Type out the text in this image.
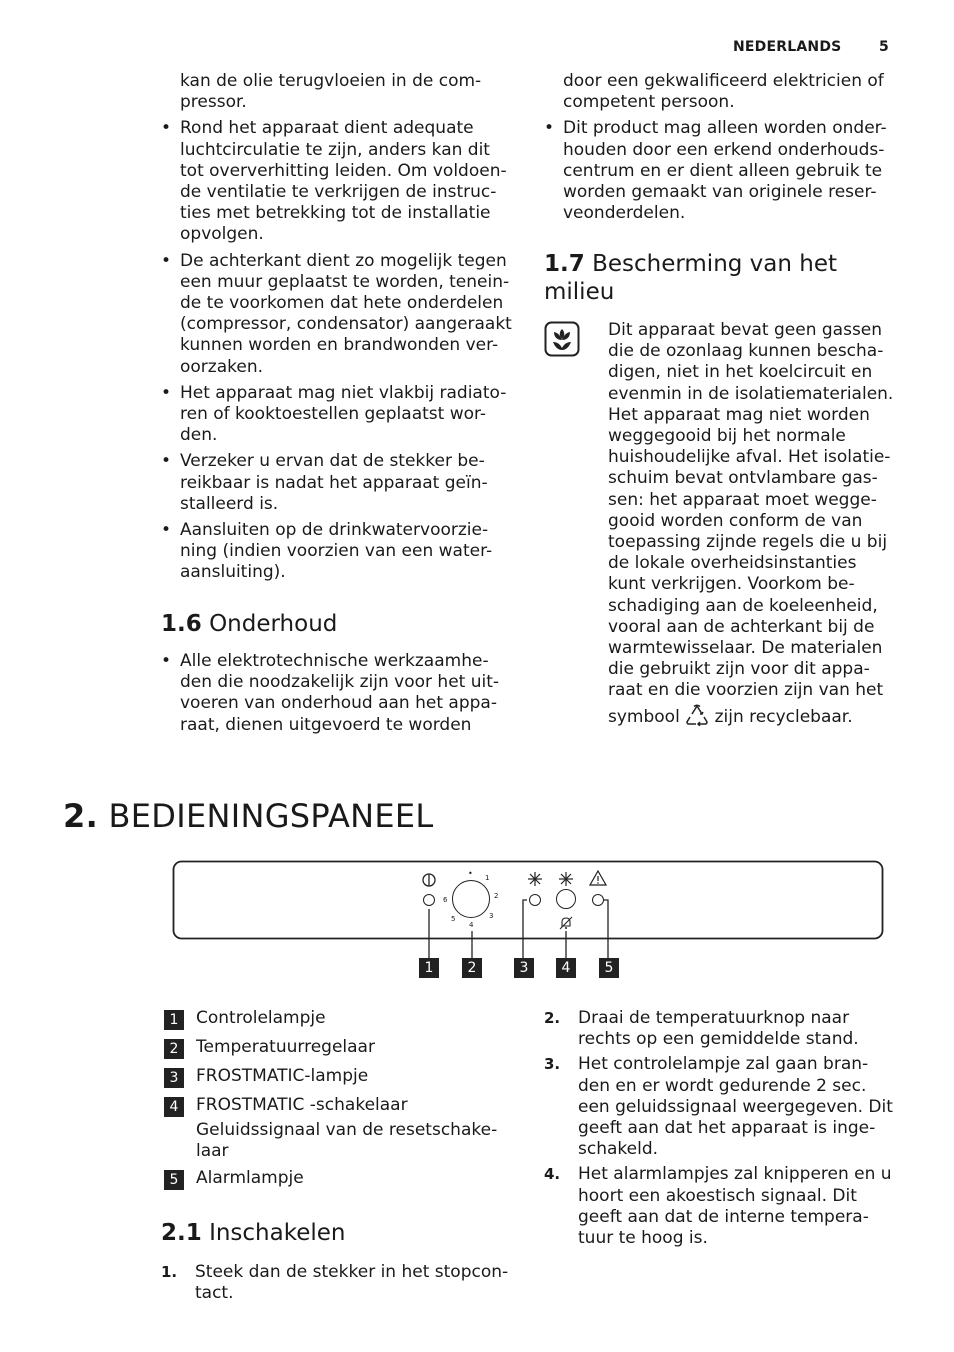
NEDERLANDS	5

kan de olie terugvloeien in de com-
pressor.

• Rond het apparaat dient adequate luchtcirculatie te zijn, anders kan dit tot oververhitting leiden. Om voldoen-de ventilatie te verkrijgen de instruc-ties met betrekking tot de installatie opvolgen.
• De achterkant dient zo mogelijk tegen een muur geplaatst te worden, tenein-de te voorkomen dat hete onderdelen (compressor, condensator) aangeraakt kunnen worden en brandwonden ver-oorzaken.
• Het apparaat mag niet vlakbij radiato-ren of kooktoestellen geplaatst wor-den.
• Verzeker u ervan dat de stekker be-reikbaar is nadat het apparaat geïn-stalleerd is.
• Aansluiten op de drinkwatervoorzie-ning (indien voorzien van een water-aansluiting).
1.6 Onderhoud
• Alle elektrotechnische werkzaamhe-den die noodzakelijk zijn voor het uit-voeren van onderhoud aan het appa-raat, dienen uitgevoerd te worden

door een gekwalificeerd elektricien of competent persoon.

• Dit product mag alleen worden onder-houden door een erkend onderhouds-centrum en er dient alleen gebruik te worden gemaakt van originele reser-veonderdelen.
1.7 Bescherming van het milieu

Dit apparaat bevat geen gassen die de ozonlaag kunnen bescha-digen, niet in het koelcircuit en evenmin in de isolatiematerialen. Het apparaat mag niet worden weggegooid bij het normale huishoudelijke afval. Het isolatie-schuim bevat ontvlambare gas-sen: het apparaat moet wegge-gooid worden conform de van toepassing zijnde regels die u bij de lokale overheidsinstanties kunt verkrijgen. Voorkom be-schadiging aan de koeleenheid, vooral aan de achterkant bij de warmtewisselaar. De materialen die gebruikt zijn voor dit appa-raat en die voorzien zijn van het

symbool zijn recyclebaar.

2. BEDIENINGSPANEEL
• 1
2
3
4
5
6
1	2	3	4	5
1	Controlelampje
2	Temperatuurregelaar
3	FROSTMATIC-lampje
4	FROSTMATIC -schakelaar
Geluidssignaal van de resetschake-laar
5	Alarmlampje
2.1 Inschakelen
1. Steek dan de stekker in het stopcon-tact.
2. Draai de temperatuurknop naar rechts op een gemiddelde stand.
3. Het controlelampje zal gaan bran-den en er wordt gedurende 2 sec. een geluidssignaal weergegeven. Dit geeft aan dat het apparaat is inge-schakeld.
4. Het alarmlampjes zal knipperen en u hoort een akoestisch signaal. Dit geeft aan dat de interne tempera-tuur te hoog is.
